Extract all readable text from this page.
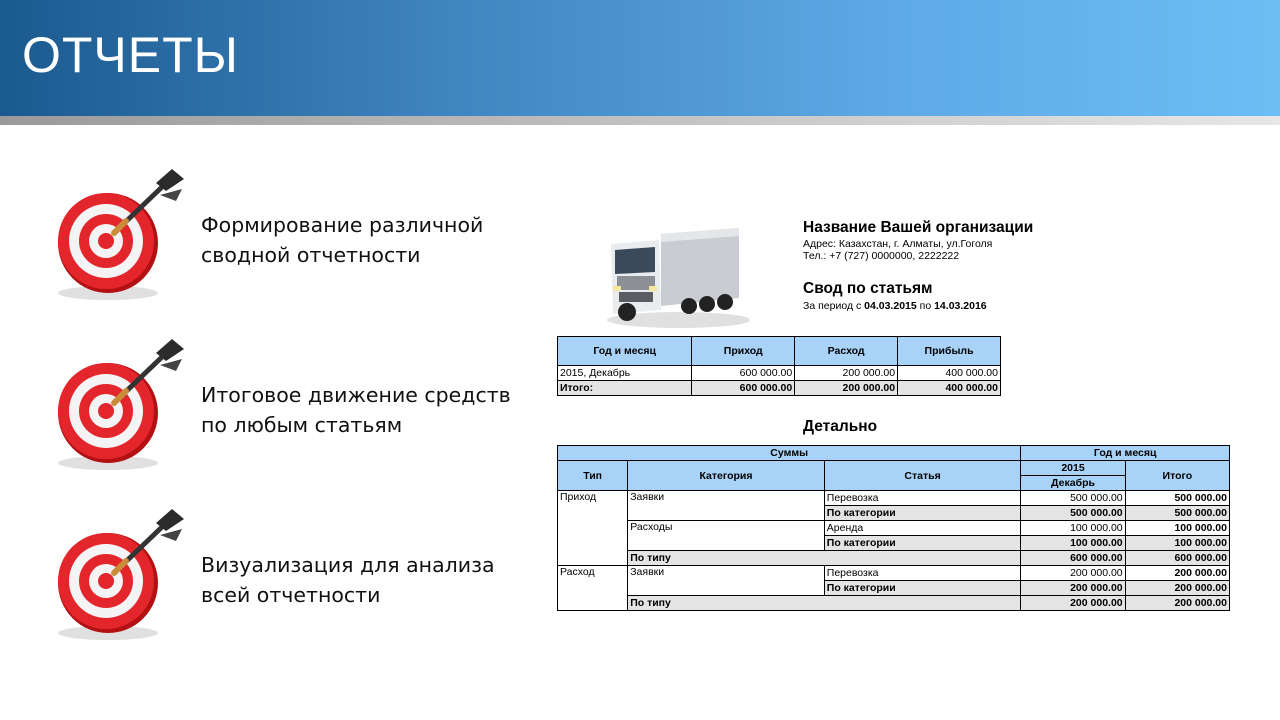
ОТЧЕТЫ
Формирование различной
сводной отчетности
Итоговое движение средств
по любым статьям
Визуализация для анализа
всей отчетности
Название Вашей организации
Адрес: Казахстан, г. Алматы, ул.Гоголя
Тел.: +7 (727) 0000000, 2222222
Свод по статьям
За период с 04.03.2015 по 14.03.2016
Год и месяц	Приход	Расход	Прибыль
2015, Декабрь	600 000.00	200 000.00	400 000.00
Итого:	600 000.00	200 000.00	400 000.00
Детально
Суммы			Год и месяц	
Тип	Категория	Статья	2015	Итого
			Декабрь	
Приход	Заявки	Перевозка	500 000.00	500 000.00
		По категории	500 000.00	500 000.00
	Расходы	Аренда	100 000.00	100 000.00
		По категории	100 000.00	100 000.00
	По типу		600 000.00	600 000.00
Расход	Заявки	Перевозка	200 000.00	200 000.00
		По категории	200 000.00	200 000.00
	По типу		200 000.00	200 000.00
